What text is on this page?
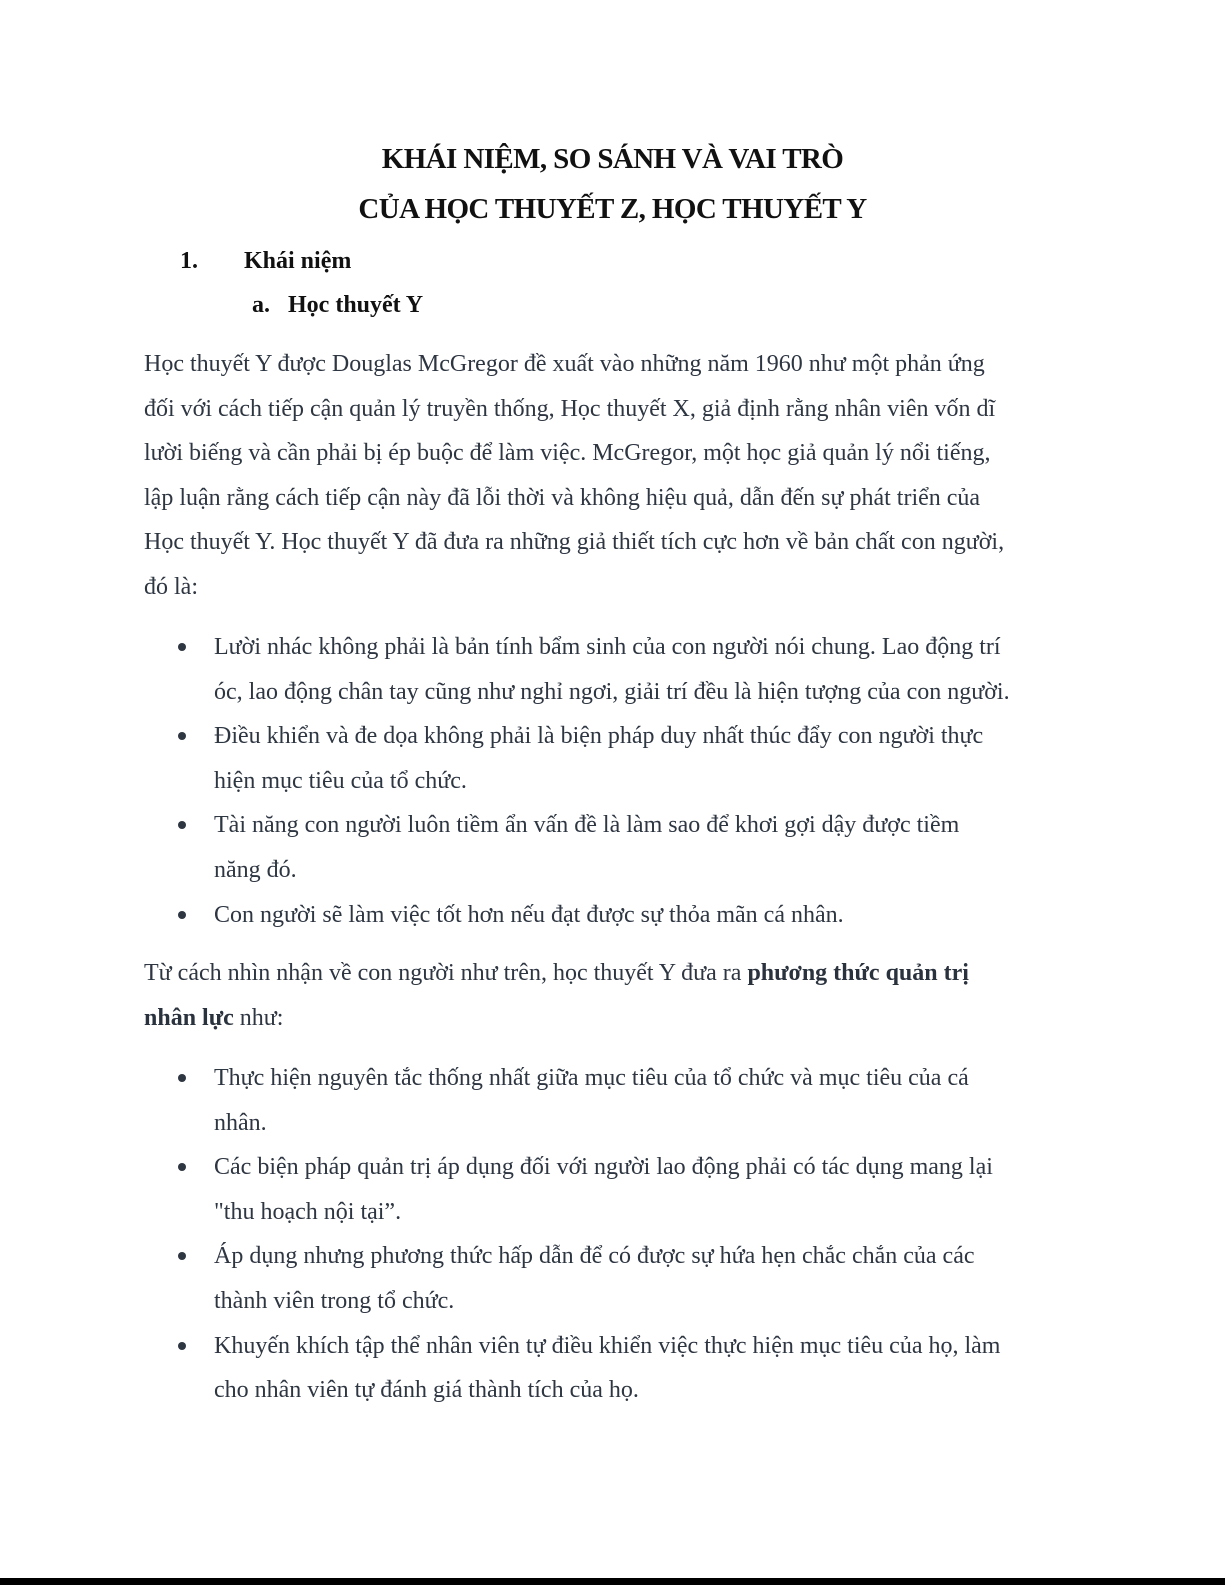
KHÁI NIỆM, SO SÁNH VÀ VAI TRÒ
CỦA HỌC THUYẾT Z, HỌC THUYẾT Y
1. Khái niệm
a. Học thuyết Y
Học thuyết Y được Douglas McGregor đề xuất vào những năm 1960 như một phản ứng
đối với cách tiếp cận quản lý truyền thống, Học thuyết X, giả định rằng nhân viên vốn dĩ
lười biếng và cần phải bị ép buộc để làm việc. McGregor, một học giả quản lý nổi tiếng,
lập luận rằng cách tiếp cận này đã lỗi thời và không hiệu quả, dẫn đến sự phát triển của
Học thuyết Y. Học thuyết Y đã đưa ra những giả thiết tích cực hơn về bản chất con người,
đó là:
Lười nhác không phải là bản tính bẩm sinh của con người nói chung. Lao động trí
óc, lao động chân tay cũng như nghỉ ngơi, giải trí đều là hiện tượng của con người.
Điều khiển và đe dọa không phải là biện pháp duy nhất thúc đẩy con người thực
hiện mục tiêu của tổ chức.
Tài năng con người luôn tiềm ẩn vấn đề là làm sao để khơi gợi dậy được tiềm
năng đó.
Con người sẽ làm việc tốt hơn nếu đạt được sự thỏa mãn cá nhân.
Từ cách nhìn nhận về con người như trên, học thuyết Y đưa ra phương thức quản trị
nhân lực như:
Thực hiện nguyên tắc thống nhất giữa mục tiêu của tổ chức và mục tiêu của cá
nhân.
Các biện pháp quản trị áp dụng đối với người lao động phải có tác dụng mang lại
"thu hoạch nội tại”.
Áp dụng nhưng phương thức hấp dẫn để có được sự hứa hẹn chắc chắn của các
thành viên trong tổ chức.
Khuyến khích tập thể nhân viên tự điều khiển việc thực hiện mục tiêu của họ, làm
cho nhân viên tự đánh giá thành tích của họ.
